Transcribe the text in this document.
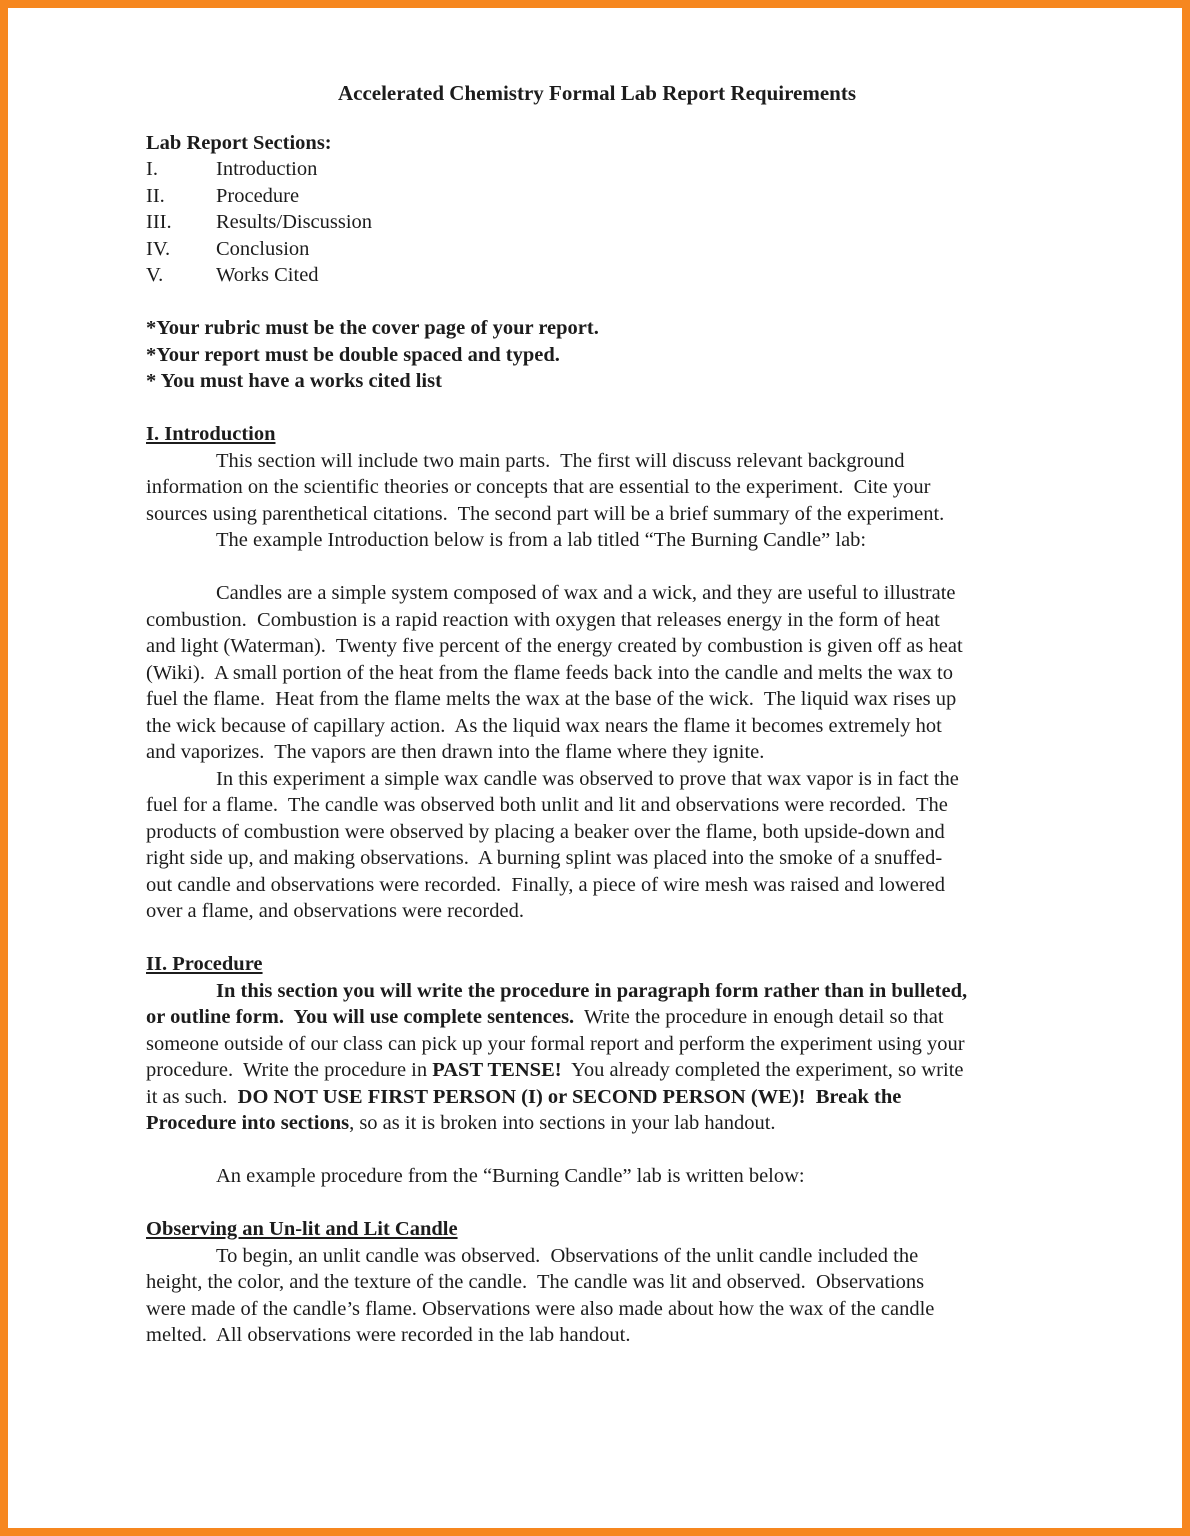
Accelerated Chemistry Formal Lab Report Requirements
Lab Report Sections:
I.	Introduction
II. Procedure
III. Results/Discussion
IV. Conclusion
V.	Works Cited
*Your rubric must be the cover page of your report.
*Your report must be double spaced and typed.
* You must have a works cited list
I. Introduction
This section will include two main parts.  The first will discuss relevant background
information on the scientific theories or concepts that are essential to the experiment.  Cite your
sources using parenthetical citations.  The second part will be a brief summary of the experiment.
The example Introduction below is from a lab titled “The Burning Candle” lab:
Candles are a simple system composed of wax and a wick, and they are useful to illustrate
combustion.  Combustion is a rapid reaction with oxygen that releases energy in the form of heat
and light (Waterman).  Twenty five percent of the energy created by combustion is given off as heat
(Wiki).  A small portion of the heat from the flame feeds back into the candle and melts the wax to
fuel the flame.  Heat from the flame melts the wax at the base of the wick.  The liquid wax rises up
the wick because of capillary action.  As the liquid wax nears the flame it becomes extremely hot
and vaporizes.  The vapors are then drawn into the flame where they ignite.
In this experiment a simple wax candle was observed to prove that wax vapor is in fact the
fuel for a flame.  The candle was observed both unlit and lit and observations were recorded.  The
products of combustion were observed by placing a beaker over the flame, both upside-down and
right side up, and making observations.  A burning splint was placed into the smoke of a snuffed-
out candle and observations were recorded.  Finally, a piece of wire mesh was raised and lowered
over a flame, and observations were recorded.
II. Procedure
In this section you will write the procedure in paragraph form rather than in bulleted,
or outline form.  You will use complete sentences.  Write the procedure in enough detail so that
someone outside of our class can pick up your formal report and perform the experiment using your
procedure.  Write the procedure in PAST TENSE!  You already completed the experiment, so write
it as such.  DO NOT USE FIRST PERSON (I) or SECOND PERSON (WE)!  Break the
Procedure into sections, so as it is broken into sections in your lab handout.
An example procedure from the “Burning Candle” lab is written below:
Observing an Un-lit and Lit Candle
To begin, an unlit candle was observed.  Observations of the unlit candle included the
height, the color, and the texture of the candle.  The candle was lit and observed.  Observations
were made of the candle’s flame. Observations were also made about how the wax of the candle
melted.  All observations were recorded in the lab handout.
